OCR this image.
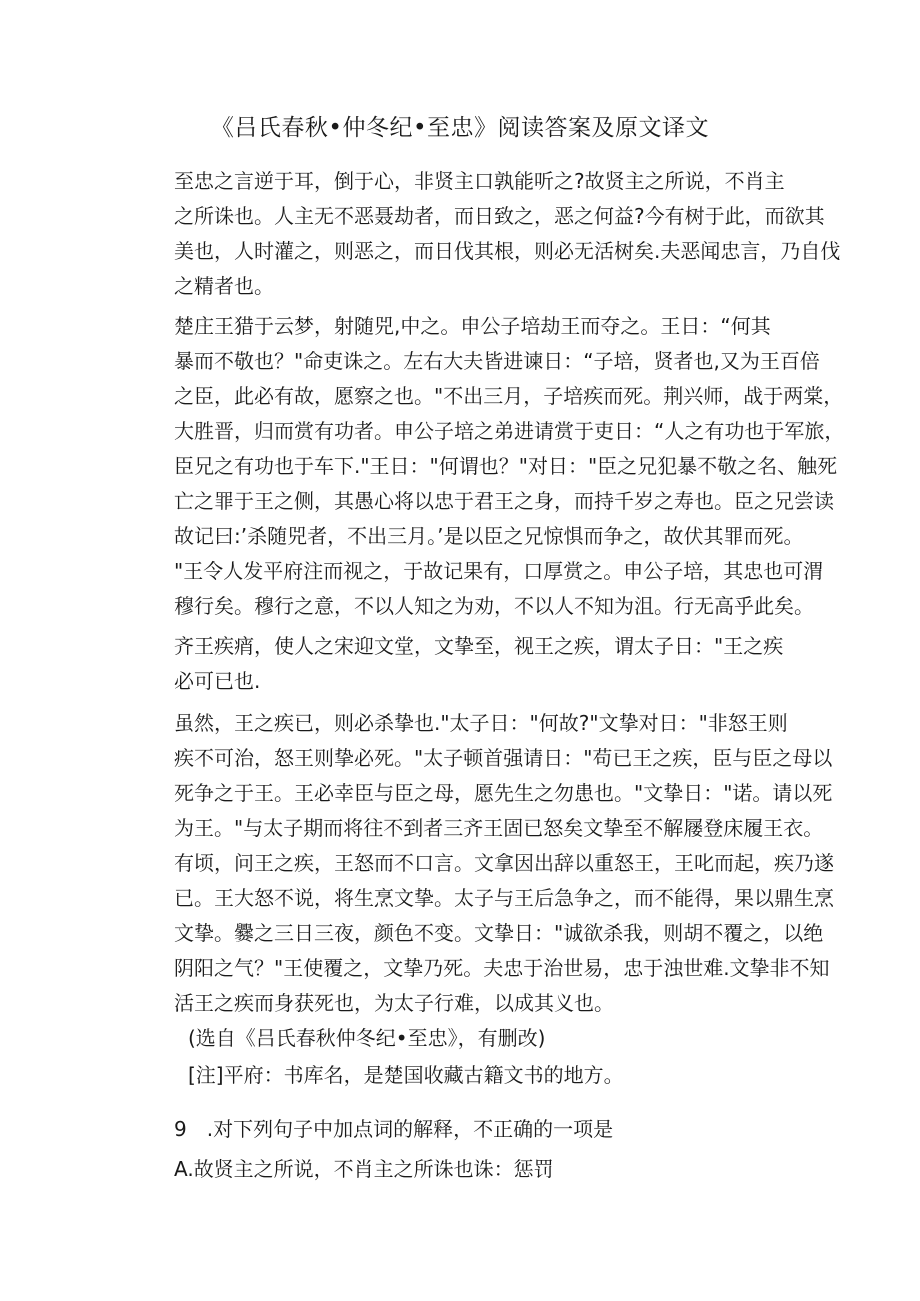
《吕氏春秋•仲冬纪•至忠》阅读答案及原文译文

至忠之言逆于耳，倒于心，非贤主口孰能听之?故贤主之所说，不肖主
之所诛也。人主无不恶聂劫者，而日致之，恶之何益?今有树于此，而欲其
美也，人时灌之，则恶之，而日伐其根，则必无活树矣.夫恶闻忠言，乃自伐
之精者也。

楚庄王猎于云梦，射随兕,中之。申公子培劫王而夺之。王日：“何其
暴而不敬也？"命吏诛之。左右大夫皆进谏日：“子培，贤者也,又为王百倍
之臣，此必有故，愿察之也。"不出三月，子培疾而死。荆兴师，战于两棠，
大胜晋，归而赏有功者。申公子培之弟进请赏于吏日：“人之有功也于军旅，
臣兄之有功也于车下."王日："何谓也？"对日："臣之兄犯暴不敬之名、触死
亡之罪于王之侧，其愚心将以忠于君王之身，而持千岁之寿也。臣之兄尝读
故记曰:’杀随兕者，不出三月。’是以臣之兄惊惧而争之，故伏其罪而死。
"王令人发平府注而视之，于故记果有，口厚赏之。申公子培，其忠也可渭
穆行矣。穆行之意，不以人知之为劝，不以人不知为沮。行无高乎此矣。

齐王疾痟，使人之宋迎文堂，文挚至，视王之疾，谓太子日："王之疾
必可已也.

虽然，王之疾已，则必杀挚也."太子日："何故?"文挚对日："非怒王则
疾不可治，怒王则挚必死。"太子顿首强请日："苟已王之疾，臣与臣之母以
死争之于王。王必幸臣与臣之母，愿先生之勿患也。"文挚日："诺。请以死
为王。"与太子期而将往不到者三齐王固已怒矣文挚至不解屦登床履王衣。
有顷，问王之疾，王怒而不口言。文拿因出辞以重怒王，王叱而起，疾乃遂
已。王大怒不说，将生烹文挚。太子与王后急争之，而不能得，果以鼎生烹
文挚。爨之三日三夜，颜色不变。文挚日："诚欲杀我，则胡不覆之，以绝
阴阳之气？"王使覆之，文挚乃死。夫忠于治世易，忠于浊世难.文挚非不知
活王之疾而身获死也，为太子行难，以成其义也。

(选自《吕氏春秋仲冬纪•至忠》，有删改)

[注]平府：书库名，是楚国收藏古籍文书的地方。

9　.对下列句子中加点词的解释，不正确的一项是

A.故贤主之所说，不肖主之所诛也诛：惩罚
